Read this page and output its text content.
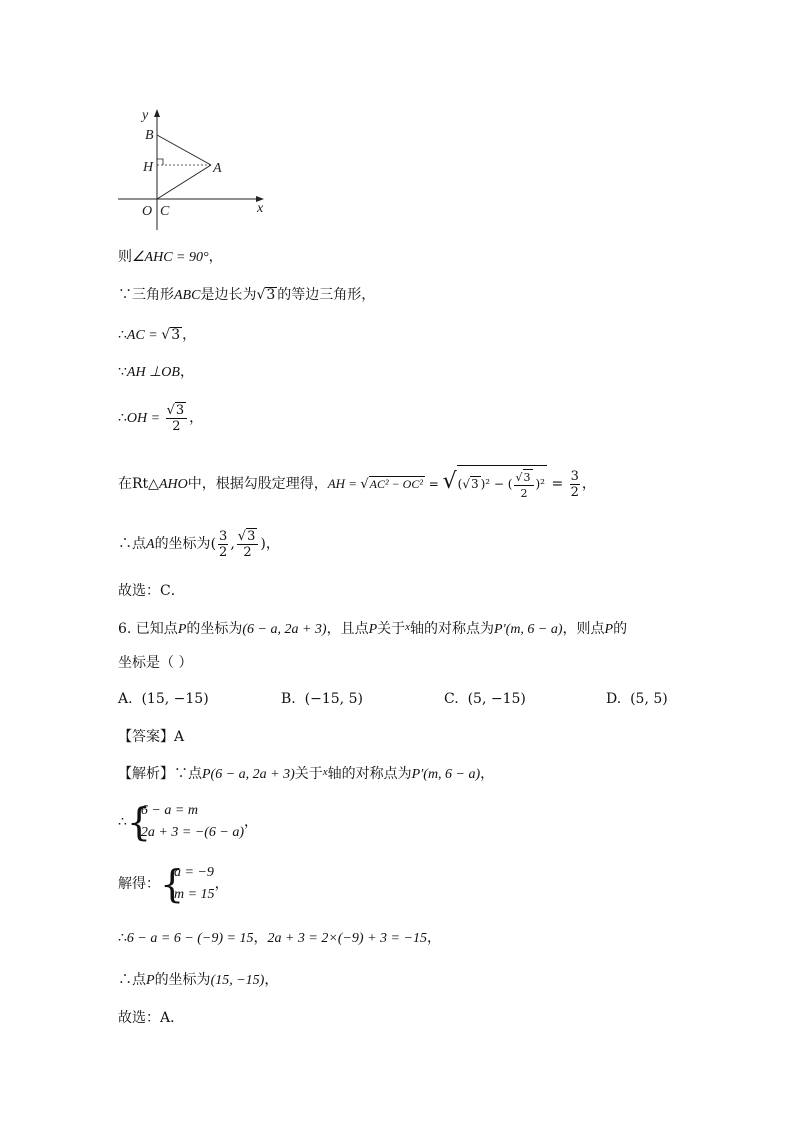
y
x
B
H	A
O C
则∠AHC = 90°，
∵三角形ABC是边长为√3 的等边三角形，
∴AC = √3 ，
∵AH ⊥OB，
∴OH = $\frac{√3}{2}$ ，
在Rt△AHO中，根据勾股定理得，AH = √AC² − OC² = √(√3 )² − ( $\frac{√3}{2} )^2 = \frac{3}{2}$ ，
∴点A的坐标为( $\frac{3}{2}$ , $\frac{√3}{2}$ )，
故选：C．
6. 已知点P的坐标为(6 − a, 2a + 3)，且点P关于$^x$轴的对称点为P′(m, 6 − a)，则点P的
坐标是（ ）
A. (15, −15)	B. (−15, 5)	C. (5, −15)	D. (5, 5)
【答案】A
【解析】∵点P(6 − a, 2a + 3)关于$^x$轴的对称点为P′(m, 6 − a)，
∴ {
6 − a = m
2a + 3 = −(6 − a)
，
解得： {
a = −9
m = 15
，
∴6 − a = 6 − (−9) = 15，2a + 3 = 2×(−9) + 3 = −15，
∴点P的坐标为(15, −15)，
故选：A．
